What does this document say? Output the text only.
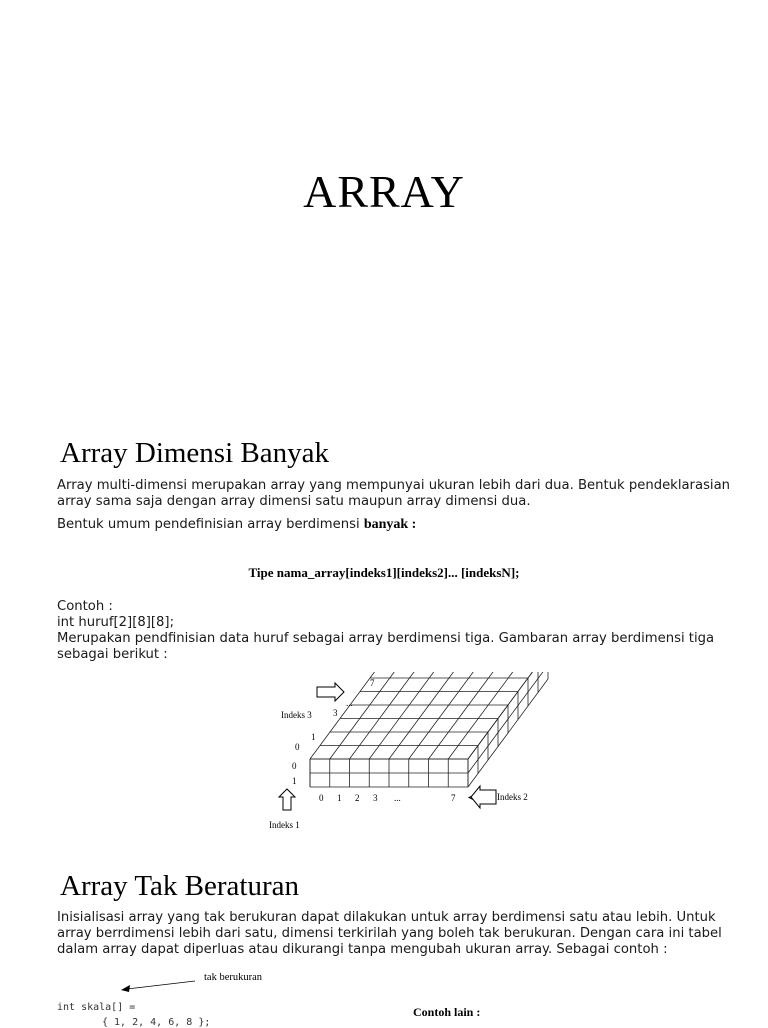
ARRAY
Array Dimensi Banyak
Array multi-dimensi merupakan array yang mempunyai ukuran lebih dari dua. Bentuk pendeklarasian
array sama saja dengan array dimensi satu maupun array dimensi dua.
Bentuk umum pendefinisian array berdimensi banyak :
Tipe nama_array[indeks1][indeks2]... [indeksN];
Contoh :
int huruf[2][8][8];
Merupakan pendfinisian data huruf sebagai array berdimensi tiga. Gambaran array berdimensi tiga
sebagai berikut :
Indeks 3
Indeks 2
Indeks 1
7
...
3
1
0
0
1
0 1 2 3 ...	7
Array Tak Beraturan
Inisialisasi array yang tak berukuran dapat dilakukan untuk array berdimensi satu atau lebih. Untuk
array berrdimensi lebih dari satu, dimensi terkirilah yang boleh tak berukuran. Dengan cara ini tabel
dalam array dapat diperluas atau dikurangi tanpa mengubah ukuran array. Sebagai contoh :
tak berukuran
int skala[] =
{ 1, 2, 4, 6, 8 };
Contoh lain :
